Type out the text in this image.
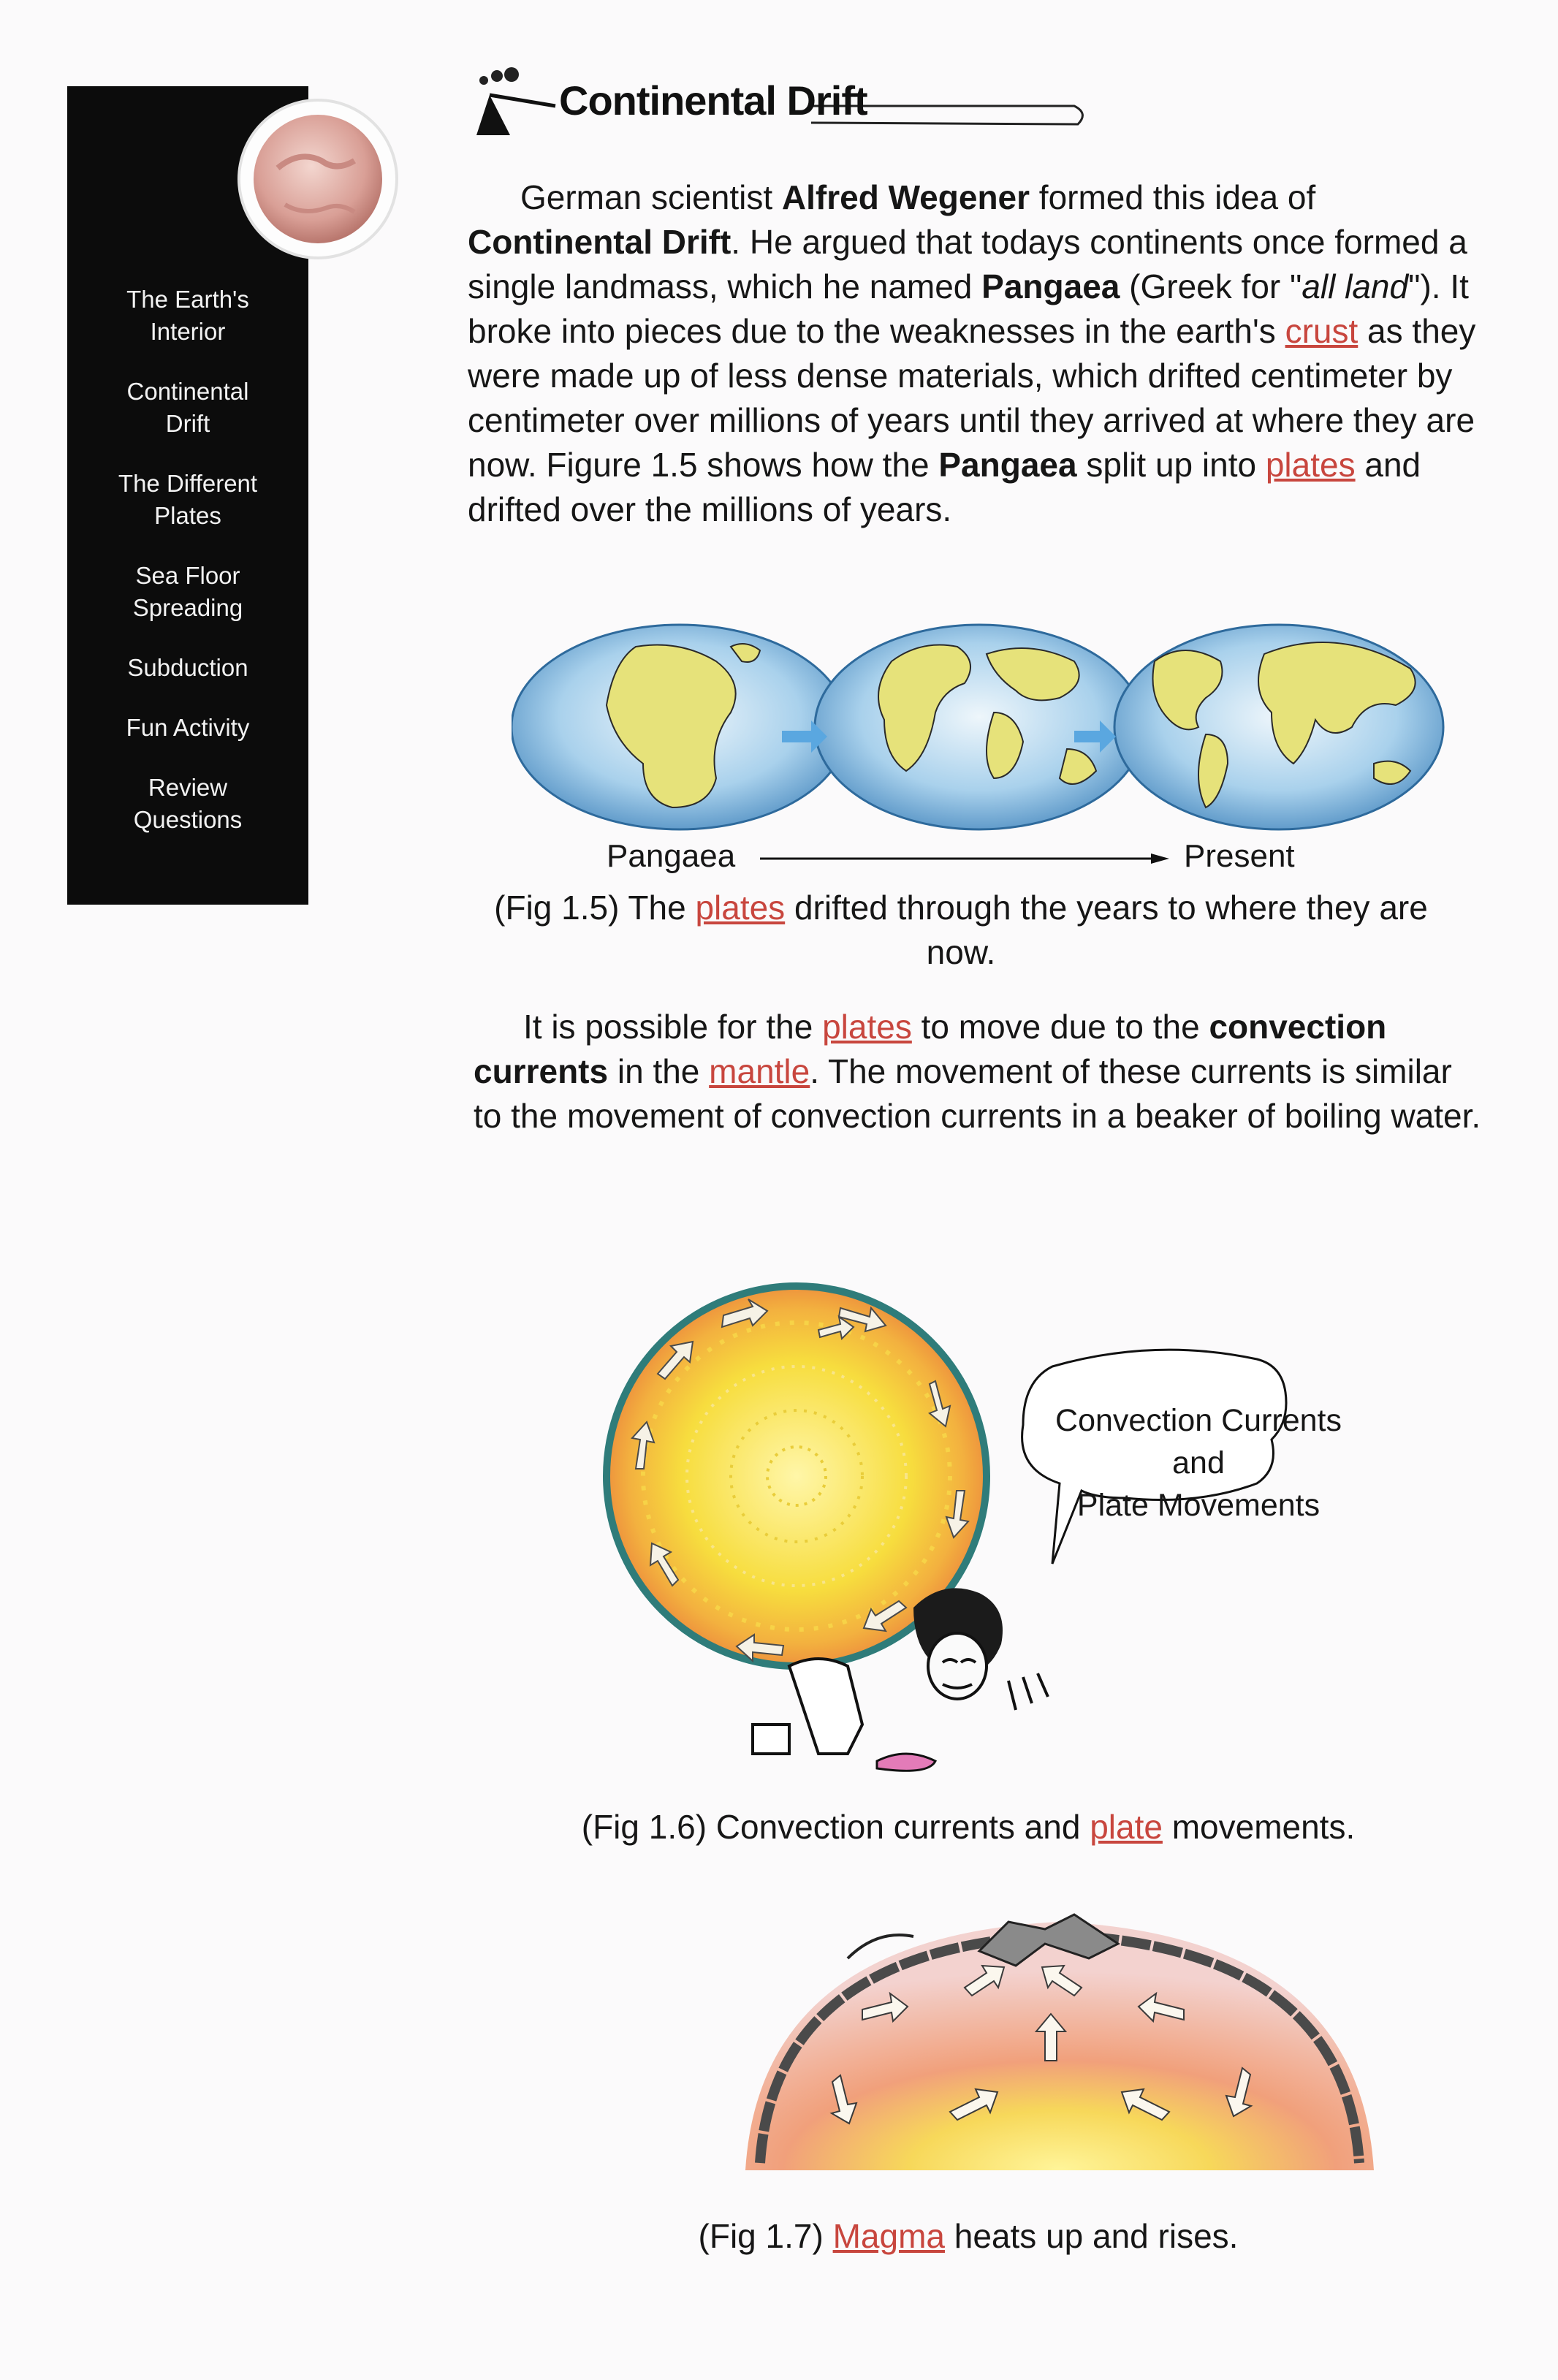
The Earth's
Interior
Continental
Drift
The Different
Plates
Sea Floor
Spreading
Subduction
Fun Activity
Review
Questions
Continental Drift

German scientist Alfred Wegener formed this idea of Continental Drift. He argued that todays continents once formed a single landmass, which he named Pangaea (Greek for "all land"). It broke into pieces due to the weaknesses in the earth's crust as they were made up of less dense materials, which drifted centimeter by centimeter over millions of years until they arrived at where they are now. Figure 1.5 shows how the Pangaea split up into plates and drifted over the millions of years.

Pangaea	Present
(Fig 1.5) The plates drifted through the years to where they are now.

It is possible for the plates to move due to the convection currents in the mantle. The movement of these currents is similar to the movement of convection currents in a beaker of boiling water.

Convection Currents
and
Plate Movements
(Fig 1.6) Convection currents and plate movements.
(Fig 1.7) Magma heats up and rises.
